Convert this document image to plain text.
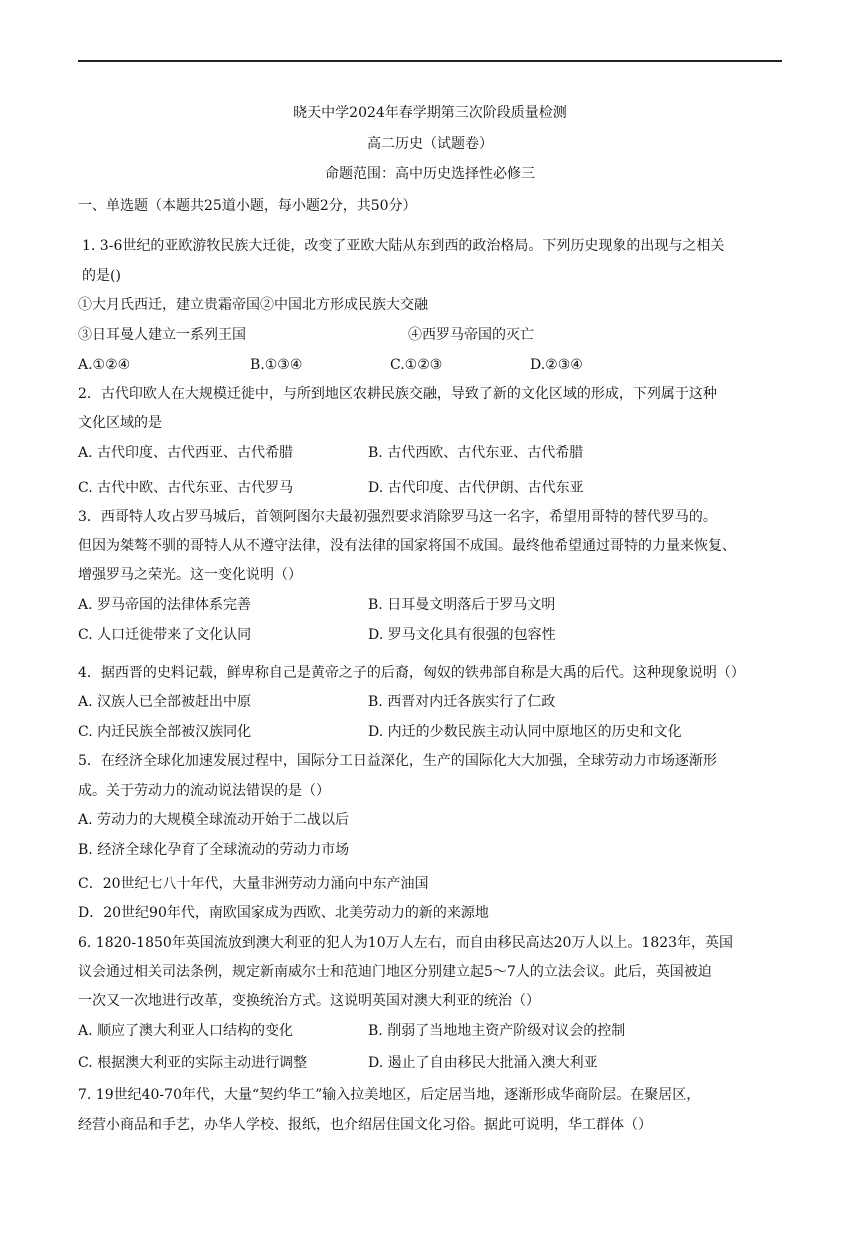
晓天中学2024年春学期第三次阶段质量检测
高二历史（试题卷）
命题范围：高中历史选择性必修三
一、单选题（本题共25道小题，每小题2分，共50分）
1. 3-6世纪的亚欧游牧民族大迁徙，改变了亚欧大陆从东到西的政治格局。下列历史现象的出现与之相关
的是()
①大月氏西迁，建立贵霜帝国②中国北方形成民族大交融
③日耳曼人建立一系列王国	④西罗马帝国的灭亡
A.①②④	B.①③④	C.①②③	D.②③④
2．古代印欧人在大规模迁徙中，与所到地区农耕民族交融，导致了新的文化区域的形成，下列属于这种
文化区域的是
A. 古代印度、古代西亚、古代希腊	B. 古代西欧、古代东亚、古代希腊
C. 古代中欧、古代东亚、古代罗马	D. 古代印度、古代伊朗、古代东亚
3．西哥特人攻占罗马城后，首领阿图尔夫最初强烈要求消除罗马这一名字，希望用哥特的替代罗马的。
但因为桀骜不驯的哥特人从不遵守法律，没有法律的国家将国不成国。最终他希望通过哥特的力量来恢复、
增强罗马之荣光。这一变化说明（）
A. 罗马帝国的法律体系完善	B. 日耳曼文明落后于罗马文明
C. 人口迁徙带来了文化认同	D. 罗马文化具有很强的包容性
4．据西晋的史料记载，鲜卑称自己是黄帝之子的后裔，匈奴的铁弗部自称是大禹的后代。这种现象说明（）
A. 汉族人已全部被赶出中原	B. 西晋对内迁各族实行了仁政
C. 内迁民族全部被汉族同化	D. 内迁的少数民族主动认同中原地区的历史和文化
5．在经济全球化加速发展过程中，国际分工日益深化，生产的国际化大大加强，全球劳动力市场逐渐形
成。关于劳动力的流动说法错误的是（）
A. 劳动力的大规模全球流动开始于二战以后
B. 经济全球化孕育了全球流动的劳动力市场
C．20世纪七八十年代，大量非洲劳动力涌向中东产油国
D．20世纪90年代，南欧国家成为西欧、北美劳动力的新的来源地
6. 1820-1850年英国流放到澳大利亚的犯人为10万人左右，而自由移民高达20万人以上。1823年，英国
议会通过相关司法条例，规定新南威尔士和范迪门地区分别建立起5～7人的立法会议。此后，英国被迫
一次又一次地进行改革，变换统治方式。这说明英国对澳大利亚的统治（）
A. 顺应了澳大利亚人口结构的变化	B. 削弱了当地地主资产阶级对议会的控制
C. 根据澳大利亚的实际主动进行调整	D. 遏止了自由移民大批涌入澳大利亚
7. 19世纪40-70年代，大量“契约华工”输入拉美地区，后定居当地，逐渐形成华商阶层。在聚居区，
经营小商品和手艺，办华人学校、报纸，也介绍居住国文化习俗。据此可说明，华工群体（）
